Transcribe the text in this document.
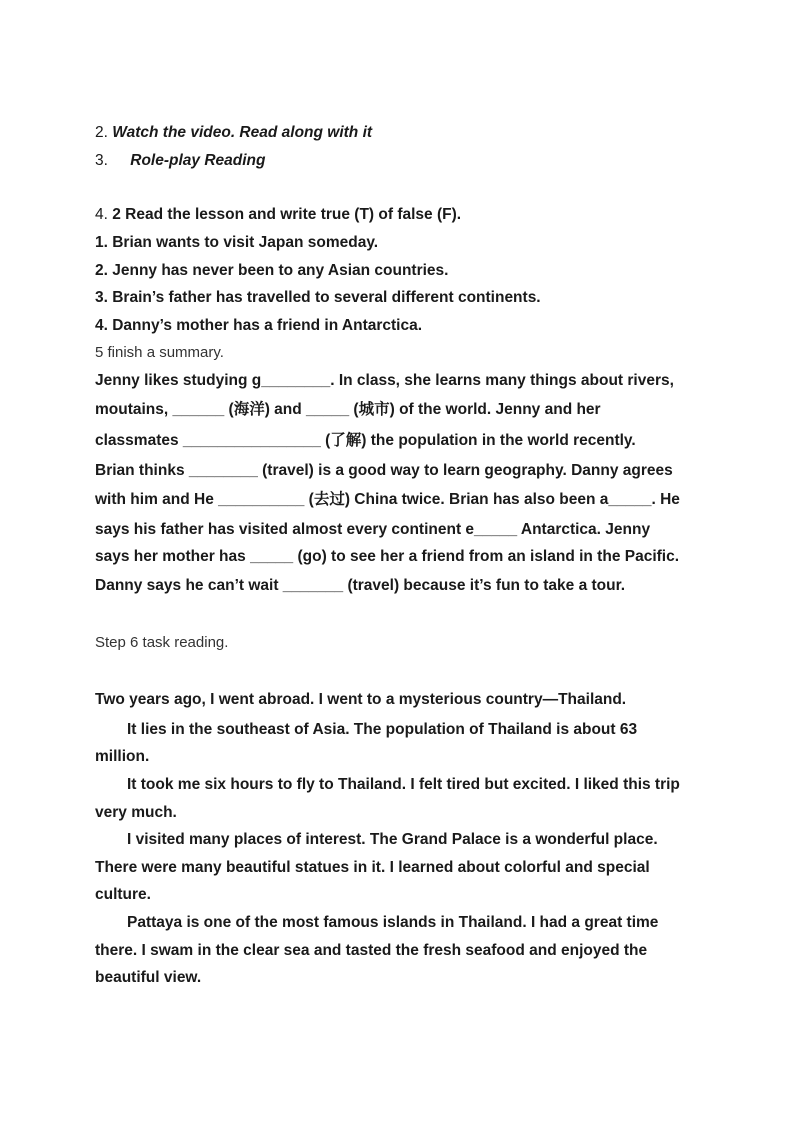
2. Watch the video. Read along with it
3. Role-play Reading
4. 2 Read the lesson and write true (T) of false (F).
1. Brian wants to visit Japan someday.
2. Jenny has never been to any Asian countries.
3. Brain’s father has travelled to several different continents.
4. Danny’s mother has a friend in Antarctica.
5 finish a summary.
Jenny likes studying g________. In class, she learns many things about rivers,
moutains, ______ (海洋) and _____ (城市) of the world. Jenny and her
classmates ________________ (了解) the population in the world recently.
Brian thinks ________ (travel) is a good way to learn geography. Danny agrees
with him and He __________ (去过) China twice. Brian has also been a_____. He
says his father has visited almost every continent e_____ Antarctica. Jenny
says her mother has _____ (go) to see her a friend from an island in the Pacific.
Danny says he can’t wait _______ (travel) because it’s fun to take a tour.
Step 6 task reading.
Two years ago, I went abroad. I went to a mysterious country—Thailand.
It lies in the southeast of Asia. The population of Thailand is about 63
million.
It took me six hours to fly to Thailand. I felt tired but excited. I liked this trip
very much.
I visited many places of interest. The Grand Palace is a wonderful place.
There were many beautiful statues in it. I learned about colorful and special
culture.
Pattaya is one of the most famous islands in Thailand. I had a great time
there. I swam in the clear sea and tasted the fresh seafood and enjoyed the
beautiful view.
